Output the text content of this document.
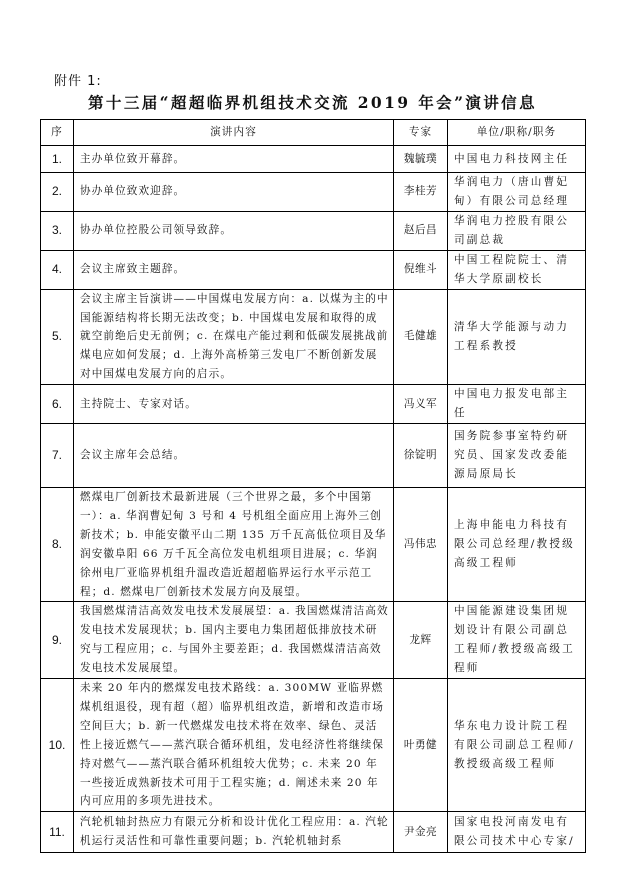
附件 1:
第十三届“超超临界机组技术交流 2019 年会”演讲信息
序	演讲内容	专家	单位/职称/职务
1.	主办单位致开幕辞。	魏毓璞	中国电力科技网主任
2.	协办单位致欢迎辞。	李桂芳	华润电力（唐山曹妃甸）有限公司总经理
3.	协办单位控股公司领导致辞。	赵后昌	华润电力控股有限公司副总裁
4.	会议主席致主题辞。	倪维斗	中国工程院院士、清华大学原副校长
5.	会议主席主旨演讲——中国煤电发展方向：a. 以煤为主的中国能源结构将长期无法改变；b. 中国煤电发展和取得的成就空前绝后史无前例；c. 在煤电产能过剩和低碳发展挑战前煤电应如何发展；d. 上海外高桥第三发电厂不断创新发展对中国煤电发展方向的启示。	毛健雄	清华大学能源与动力工程系教授
6.	主持院士、专家对话。	冯义军	中国电力报发电部主任
7.	会议主席年会总结。	徐锭明	国务院参事室特约研究员、国家发改委能源局原局长
8.	燃煤电厂创新技术最新进展（三个世界之最，多个中国第一）：a. 华润曹妃甸 3 号和 4 号机组全面应用上海外三创新技术；b. 申能安徽平山二期 135 万千瓦高低位项目及华润安徽阜阳 66 万千瓦全高位发电机组项目进展；c. 华润徐州电厂亚临界机组升温改造近超超临界运行水平示范工程；d. 燃煤电厂创新技术发展方向及展望。	冯伟忠	上海申能电力科技有限公司总经理/教授级高级工程师
9.	我国燃煤清洁高效发电技术发展展望：a. 我国燃煤清洁高效发电技术发展现状；b. 国内主要电力集团超低排放技术研究与工程应用；c. 与国外主要差距；d. 我国燃煤清洁高效发电技术发展展望。	龙辉	中国能源建设集团规划设计有限公司副总工程师/教授级高级工程师
10.	未来 20 年内的燃煤发电技术路线：a. 300MW 亚临界燃煤机组退役，现有超（超）临界机组改造，新增和改造市场空间巨大；b. 新一代燃煤发电技术将在效率、绿色、灵活性上接近燃气——蒸汽联合循环机组，发电经济性将继续保持对燃气——蒸汽联合循环机组较大优势；c. 未来 20 年一些接近成熟新技术可用于工程实施；d. 阐述未来 20 年内可应用的多项先进技术。	叶勇健	华东电力设计院工程有限公司副总工程师/教授级高级工程师
11.	汽轮机轴封热应力有限元分析和设计优化工程应用：a. 汽轮机运行灵活性和可靠性重要问题；b. 汽轮机轴封系	尹金亮	国家电投河南发电有限公司技术中心专家/
